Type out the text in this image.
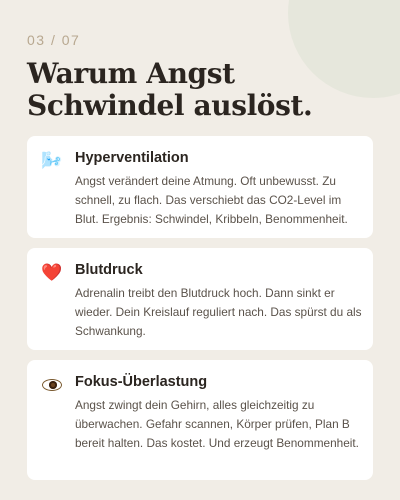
03 / 07
Warum Angst Schwindel auslöst.
🌬️ Hyperventilation

Angst verändert deine Atmung. Oft unbewusst. Zu schnell, zu flach. Das verschiebt das CO2-Level im Blut. Ergebnis: Schwindel, Kribbeln, Benommenheit.

❤️ Blutdruck

Adrenalin treibt den Blutdruck hoch. Dann sinkt er wieder. Dein Kreislauf reguliert nach. Das spürst du als Schwankung.

Fokus-Überlastung

Angst zwingt dein Gehirn, alles gleichzeitig zu überwachen. Gefahr scannen, Körper prüfen, Plan B bereit halten. Das kostet. Und erzeugt Benommenheit.
